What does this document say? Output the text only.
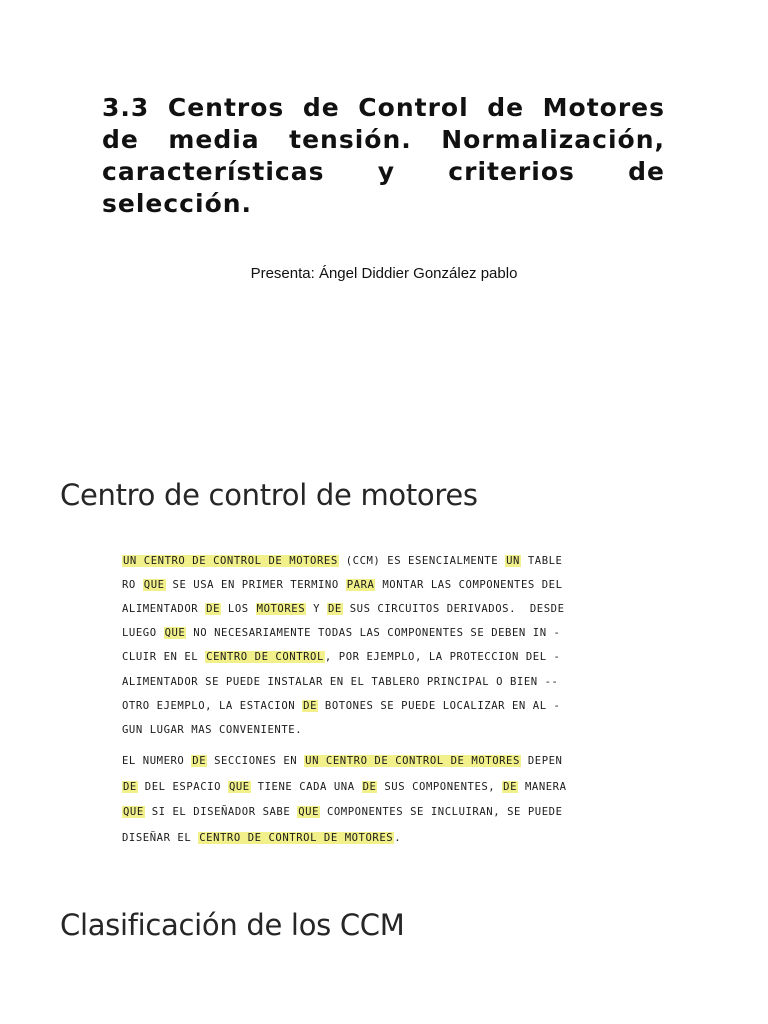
3.3 Centros de Control de Motores de media tensión. Normalización, características y criterios de selección.
Presenta: Ángel Diddier González pablo
Centro de control de motores
UN CENTRO DE CONTROL DE MOTORES (CCM) ES ESENCIALMENTE UN TABLE
RO QUE SE USA EN PRIMER TERMINO PARA MONTAR LAS COMPONENTES DEL
ALIMENTADOR DE LOS MOTORES Y DE SUS CIRCUITOS DERIVADOS.  DESDE
LUEGO QUE NO NECESARIAMENTE TODAS LAS COMPONENTES SE DEBEN IN -
CLUIR EN EL CENTRO DE CONTROL, POR EJEMPLO, LA PROTECCION DEL -
ALIMENTADOR SE PUEDE INSTALAR EN EL TABLERO PRINCIPAL O BIEN --
OTRO EJEMPLO, LA ESTACION DE BOTONES SE PUEDE LOCALIZAR EN AL -
GUN LUGAR MAS CONVENIENTE.
EL NUMERO DE SECCIONES EN UN CENTRO DE CONTROL DE MOTORES DEPEN
DE DEL ESPACIO QUE TIENE CADA UNA DE SUS COMPONENTES, DE MANERA
QUE SI EL DISEÑADOR SABE QUE COMPONENTES SE INCLUIRAN, SE PUEDE
DISEÑAR EL CENTRO DE CONTROL DE MOTORES.
Clasificación de los CCM
